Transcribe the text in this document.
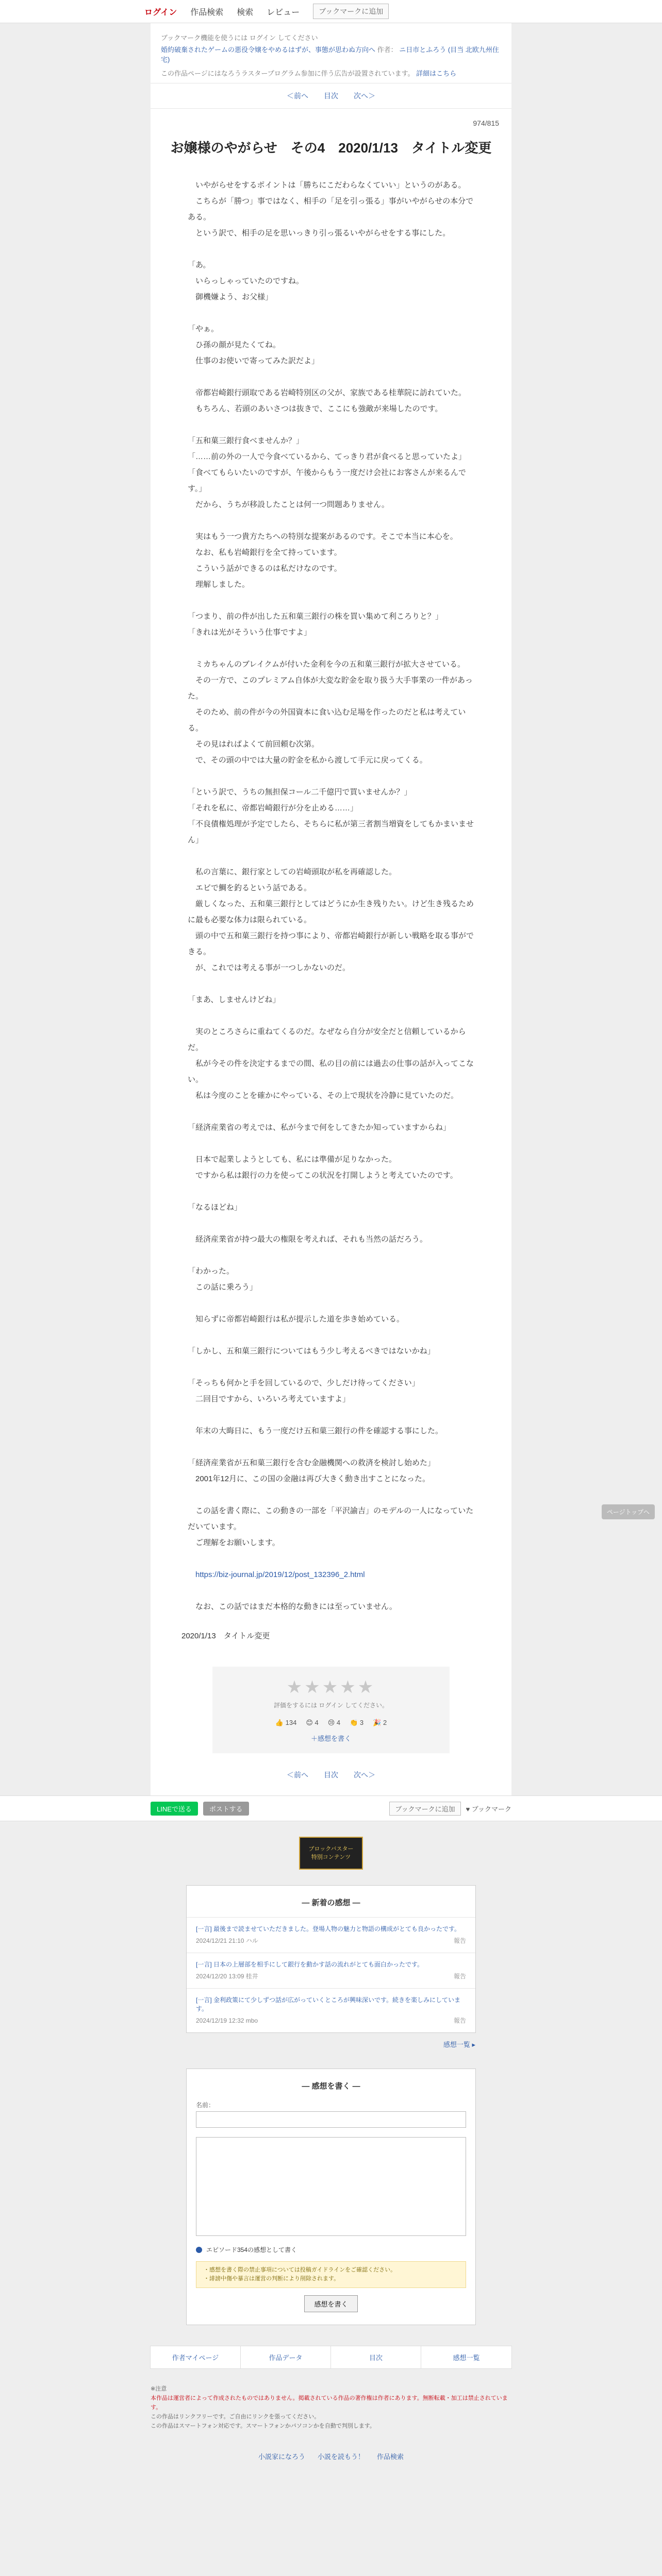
ログイン 作品検索 検索 レビュー	ブックマークに追加
ブックマーク機能を使うには ログイン してください
婚約破棄されたゲームの悪役令嬢をやめるはずが、事態が思わぬ方向へ 作者： ニ日市とふろう (目当 北欧九州住宅)
この作品ページにはなろうラスタープログラム参加に伴う広告が設置されています。 詳細はこちら
＜前へ 目次 次へ＞
974/815
お嬢様のやがらせ　その4　2020/1/13　タイトル変更

　いやがらせをするポイントは「勝ちにこだわらなくていい」というのがある。

　こちらが「勝つ」事ではなく、相手の「足を引っ張る」事がいやがらせの本分である。

　という訳で、相手の足を思いっきり引っ張るいやがらせをする事にした。

「あ。

　いらっしゃっていたのですね。

　御機嫌よう、お父様」

「やぁ。

　ひ孫の顔が見たくてね。

　仕事のお使いで寄ってみた訳だよ」

　帝都岩崎銀行頭取である岩崎特別区の父が、家族である桂華院に訪れていた。

　もちろん、若頭のあいさつは抜きで、ここにも強敵が来場したのです。

「五和菓三銀行食べませんか？」

「……前の外の一人で今食べているから、てっきり君が食べると思っていたよ」

「食べてもらいたいのですが、午後からもう一度だけ会社にお客さんが来るんです。」

　だから、うちが移設したことは何一つ問題ありません。

　実はもう一つ貴方たちへの特別な提案があるのです。そこで本当に本心を。

　なお、私も岩崎銀行を全て持っています。

　こういう話ができるのは私だけなのです。

　理解しました。

「つまり、前の件が出した五和菓三銀行の株を買い集めて利ころりと？」

「きれは光がそういう仕事ですよ」

　ミカちゃんのブレイクムが付いた金利を今の五和菓三銀行が拡大させている。

　その一方で、このプレミアム自体が大変な貯金を取り扱う大手事業の一件があった。

　そのため、前の件が今の外国資本に食い込む足場を作ったのだと私は考えている。

　その見はればよくて前回頼む次第。

　で、その頭の中では大量の貯金を私から渡して手元に戻ってくる。

「という訳で、うちの無担保コール二千億円で買いませんか？」

「それを私に、帝都岩崎銀行が分を止める……」

「不良債権処理が予定でしたら、そちらに私が第三者割当増資をしてもかまいません」

　私の言葉に、銀行家としての岩崎頭取が私を再確認した。

　エビで鯛を釣るという話である。

　厳しくなった、五和菓三銀行としてはどうにか生き残りたい。けど生き残るために最も必要な体力は限られている。

　頭の中で五和菓三銀行を持つ事により、帝都岩崎銀行が新しい戦略を取る事ができる。

　が、これでは考える事が一つしかないのだ。

「まあ、しませんけどね」

　実のところさらに重ねてくるのだ。なぜなら自分が安全だと信頼しているからだ。

　私が今その件を決定するまでの間、私の目の前には過去の仕事の話が入ってこない。

　私は今度のことを確かにやっている、その上で現状を冷静に見ていたのだ。

「経済産業省の考えでは、私が今まで何をしてきたか知っていますからね」

　日本で起業しようとしても、私には準備が足りなかった。

　ですから私は銀行の力を使ってこの状況を打開しようと考えていたのです。

「なるほどね」

　経済産業省が持つ最大の権限を考えれば、それも当然の話だろう。

「わかった。

　この話に乗ろう」

　知らずに帝都岩崎銀行は私が提示した道を歩き始めている。

「しかし、五和菓三銀行についてはもう少し考えるべきではないかね」

「そっちも何かと手を回しているので、少しだけ待ってください」

　二回目ですから、いろいろ考えていますよ」

　年末の大晦日に、もう一度だけ五和菓三銀行の件を確認する事にした。

「経済産業省が五和菓三銀行を含む金融機関への救済を検討し始めた」

　2001年12月に、この国の金融は再び大きく動き出すことになった。

　この話を書く際に、この動きの一部を「平沢諭吉」のモデルの一人になっていただいています。

　ご理解をお願いします。

　https://biz-journal.jp/2019/12/post_132396_2.html

　なお、この話ではまだ本格的な動きには至っていません。

2020/1/13　タイトル変更
★★★★★
評価をするには ログイン してください。
👍 134 😊 4 😢 4 👏 3 🎉 2
＋感想を書く
＜前へ 目次 次へ＞
LINEで送る	ポストする	ブックマークに追加	♥ ブックマーク
ブロックバスター
特別コンテンツ
― 新着の感想 ―
[一言] 最後まで読ませていただきました。登場人物の魅力と物語の構成がとても良かったです。
2024/12/21 21:10 ハル	報告
[一言] 日本の上層部を相手にして銀行を動かす話の流れがとても面白かったです。
2024/12/20 13:09 桂井	報告
[一言] 金利政策にて少しずつ話が広がっていくところが興味深いです。続きを楽しみにしています。
2024/12/19 12:32 mbo	報告
感想一覧 ▸
― 感想を書く ―
名前：
エピソード354の感想として書く
・感想を書く際の禁止事項については投稿ガイドラインをご確認ください。
・誹謗中傷や暴言は運営の判断により削除されます。
感想を書く
作者マイページ	作品データ	目次	感想一覧
※注意
本作品は運営者によって作成されたものではありません。掲載されている作品の著作権は作者にあります。無断転載・加工は禁止されています。
この作品はリンクフリーです。ご自由にリンクを張ってください。
この作品はスマートフォン対応です。スマートフォンかパソコンかを自動で判別します。
小説家になろう 小説を読もう！ 作品検索
ページトップへ
